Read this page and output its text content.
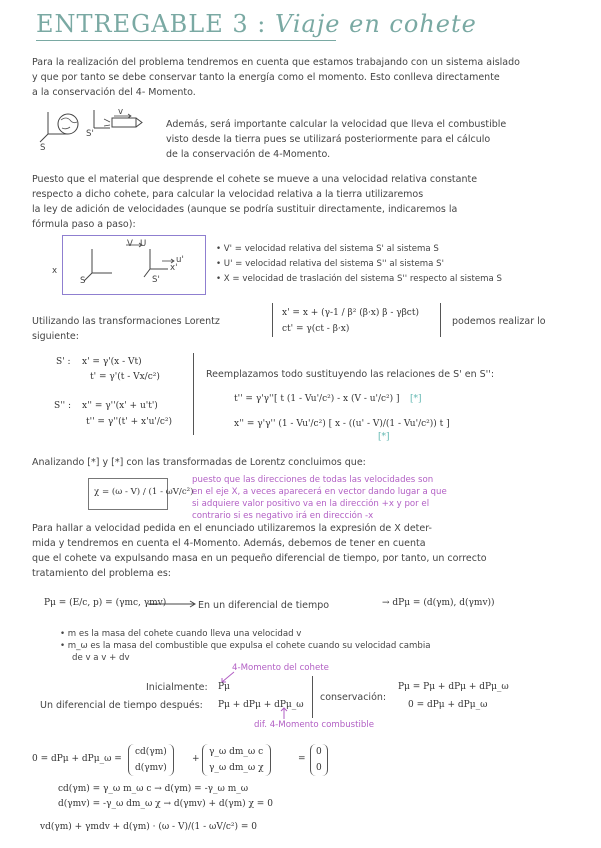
ENTREGABLE 3 : Viaje en cohete
Para la realización del problema tendremos en cuenta que estamos trabajando con un sistema aislado
y que por tanto se debe conservar tanto la energía como el momento. Esto conlleva directamente
a la conservación del 4- Momento.
S
v
S'
Además, será importante calcular la velocidad que lleva el combustible
visto desde la tierra pues se utilizará posteriormente para el cálculo
de la conservación de 4-Momento.
Puesto que el material que desprende el cohete se mueve a una velocidad relativa constante
respecto a dicho cohete, para calcular la velocidad relativa a la tierra utilizaremos
la ley de adición de velocidades (aunque se podría sustituir directamente, indicaremos la
fórmula paso a paso):
x
S	S'
x'
V U
u'
• V' = velocidad relativa del sistema S' al sistema S
• U' = velocidad relativa del sistema S'' al sistema S'
• X = velocidad de traslación del sistema S'' respecto al sistema S
Utilizando las transformaciones Lorentz
siguiente:
x' = x + (γ-1 / β² (β·x) β - γβct)
ct' = γ(ct - β·x)
podemos realizar lo
S' : x' = γ'(x - Vt)
t' = γ'(t - Vx/c²)
S'' : x'' = γ''(x' + u't')
t'' = γ''(t' + x'u'/c²)
Reemplazamos todo sustituyendo las relaciones de S' en S'':
t'' = γ'γ''[ t (1 - Vu'/c²) - x (V - u'/c²) ] [*]
x'' = γ'γ'' (1 - Vu'/c²) [ x - ((u' - V)/(1 - Vu'/c²)) t ]
[*]
Analizando [*] y [*] con las transformadas de Lorentz concluimos que:
χ = (ω - V) / (1 - ωV/c²)
puesto que las direcciones de todas las velocidades son
en el eje X, a veces aparecerá en vector dando lugar a que
si adquiere valor positivo va en la dirección +x y por el
contrario si es negativo irá en dirección -x
Para hallar a velocidad pedida en el enunciado utilizaremos la expresión de X deter-
mida y tendremos en cuenta el 4-Momento. Además, debemos de tener en cuenta
que el cohete va expulsando masa en un pequeño diferencial de tiempo, por tanto, un correcto
tratamiento del problema es:
Pμ = (E/c, p) = (γmc, γmv)	En un diferencial de tiempo	→ dPμ = (d(γm), d(γmv))
• m es la masa del cohete cuando lleva una velocidad v
• m_ω es la masa del combustible que expulsa el cohete cuando su velocidad cambia
de v a v + dv
4-Momento del cohete
Inicialmente: Pμ
Un diferencial de tiempo después: Pμ + dPμ + dPμ_ω
conservación:
Pμ = Pμ + dPμ + dPμ_ω
0 = dPμ + dPμ_ω
dif. 4-Momento combustible
0 = dPμ + dPμ_ω =
cd(γm)
d(γmv)
+
γ_ω dm_ω c
γ_ω dm_ω χ
=
0
0
cd(γm) = γ_ω m_ω c → d(γm) = -γ_ω m_ω
d(γmv) = -γ_ω dm_ω χ → d(γmv) + d(γm) χ = 0
vd(γm) + γmdv + d(γm) · (ω - V)/(1 - ωV/c²) = 0
